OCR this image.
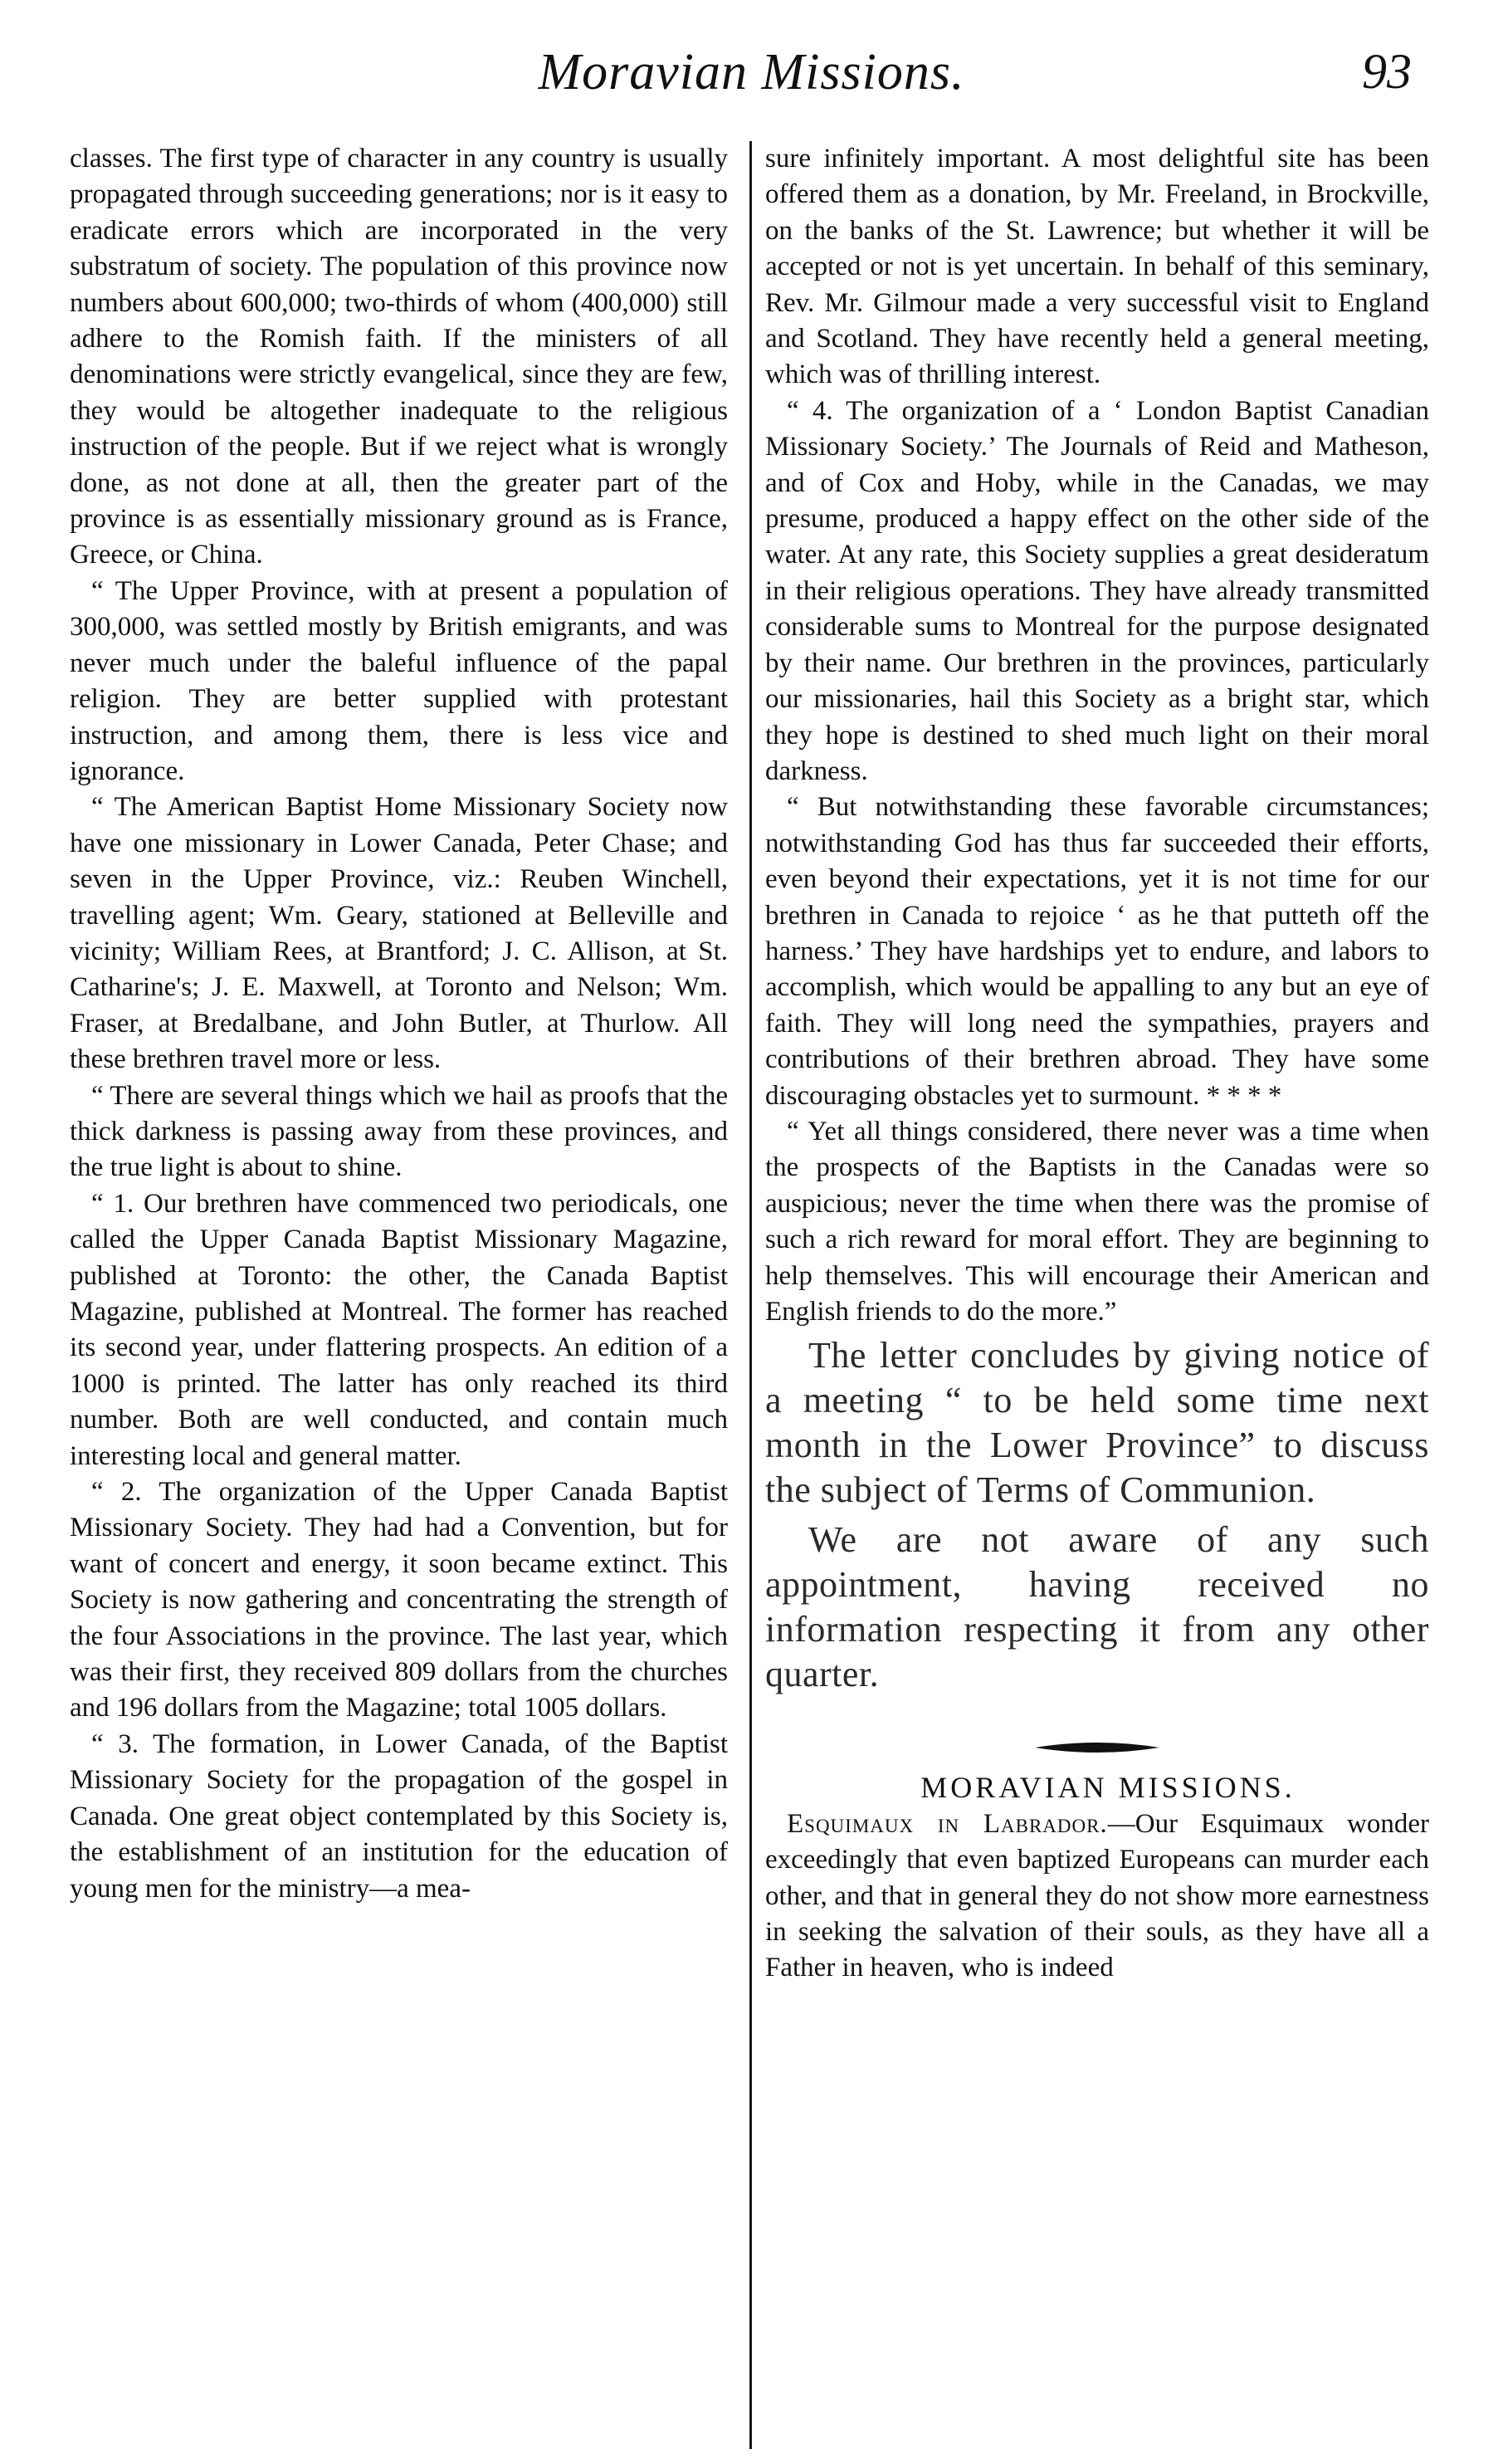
Moravian Missions.	93

classes. The first type of character in any country is usually propagated through succeeding generations; nor is it easy to eradicate errors which are incorporated in the very substratum of society. The population of this province now numbers about 600,000; two-thirds of whom (400,000) still adhere to the Romish faith. If the ministers of all denominations were strictly evangelical, since they are few, they would be altogether inadequate to the religious instruction of the people. But if we reject what is wrongly done, as not done at all, then the greater part of the province is as essentially missionary ground as is France, Greece, or China.

“ The Upper Province, with at present a population of 300,000, was settled mostly by British emigrants, and was never much under the baleful influence of the papal religion. They are better supplied with protestant instruction, and among them, there is less vice and ignorance.

“ The American Baptist Home Missionary Society now have one missionary in Lower Canada, Peter Chase; and seven in the Upper Province, viz.: Reuben Winchell, travelling agent; Wm. Geary, stationed at Belleville and vicinity; William Rees, at Brantford; J. C. Allison, at St. Catharine's; J. E. Maxwell, at Toronto and Nelson; Wm. Fraser, at Bredalbane, and John Butler, at Thurlow. All these brethren travel more or less.

“ There are several things which we hail as proofs that the thick darkness is passing away from these provinces, and the true light is about to shine.

“ 1. Our brethren have commenced two periodicals, one called the Upper Canada Baptist Missionary Magazine, published at Toronto: the other, the Canada Baptist Magazine, published at Montreal. The former has reached its second year, under flattering prospects. An edition of a 1000 is printed. The latter has only reached its third number. Both are well conducted, and contain much interesting local and general matter.

“ 2. The organization of the Upper Canada Baptist Missionary Society. They had had a Convention, but for want of concert and energy, it soon became extinct. This Society is now gathering and concentrating the strength of the four Associations in the province. The last year, which was their first, they received 809 dollars from the churches and 196 dollars from the Magazine; total 1005 dollars.

“ 3. The formation, in Lower Canada, of the Baptist Missionary Society for the propagation of the gospel in Canada. One great object contemplated by this Society is, the establishment of an institution for the education of young men for the ministry—a mea-

sure infinitely important. A most delightful site has been offered them as a donation, by Mr. Freeland, in Brockville, on the banks of the St. Lawrence; but whether it will be accepted or not is yet uncertain. In behalf of this seminary, Rev. Mr. Gilmour made a very successful visit to England and Scotland. They have recently held a general meeting, which was of thrilling interest.

“ 4. The organization of a ‘ London Baptist Canadian Missionary Society.’ The Journals of Reid and Matheson, and of Cox and Hoby, while in the Canadas, we may presume, produced a happy effect on the other side of the water. At any rate, this Society supplies a great desideratum in their religious operations. They have already transmitted considerable sums to Montreal for the purpose designated by their name. Our brethren in the provinces, particularly our missionaries, hail this Society as a bright star, which they hope is destined to shed much light on their moral darkness.

“ But notwithstanding these favorable circumstances; notwithstanding God has thus far succeeded their efforts, even beyond their expectations, yet it is not time for our brethren in Canada to rejoice ‘ as he that putteth off the harness.’ They have hardships yet to endure, and labors to accomplish, which would be appalling to any but an eye of faith. They will long need the sympathies, prayers and contributions of their brethren abroad. They have some discouraging obstacles yet to surmount. * * * *

“ Yet all things considered, there never was a time when the prospects of the Baptists in the Canadas were so auspicious; never the time when there was the promise of such a rich reward for moral effort. They are beginning to help themselves. This will encourage their American and English friends to do the more.”

The letter concludes by giving notice of a meeting “ to be held some time next month in the Lower Province” to discuss the subject of Terms of Communion.

We are not aware of any such appointment, having received no information respecting it from any other quarter.

MORAVIAN MISSIONS.

Esquimaux in Labrador.—Our Esquimaux wonder exceedingly that even baptized Europeans can murder each other, and that in general they do not show more earnestness in seeking the salvation of their souls, as they have all a Father in heaven, who is indeed
